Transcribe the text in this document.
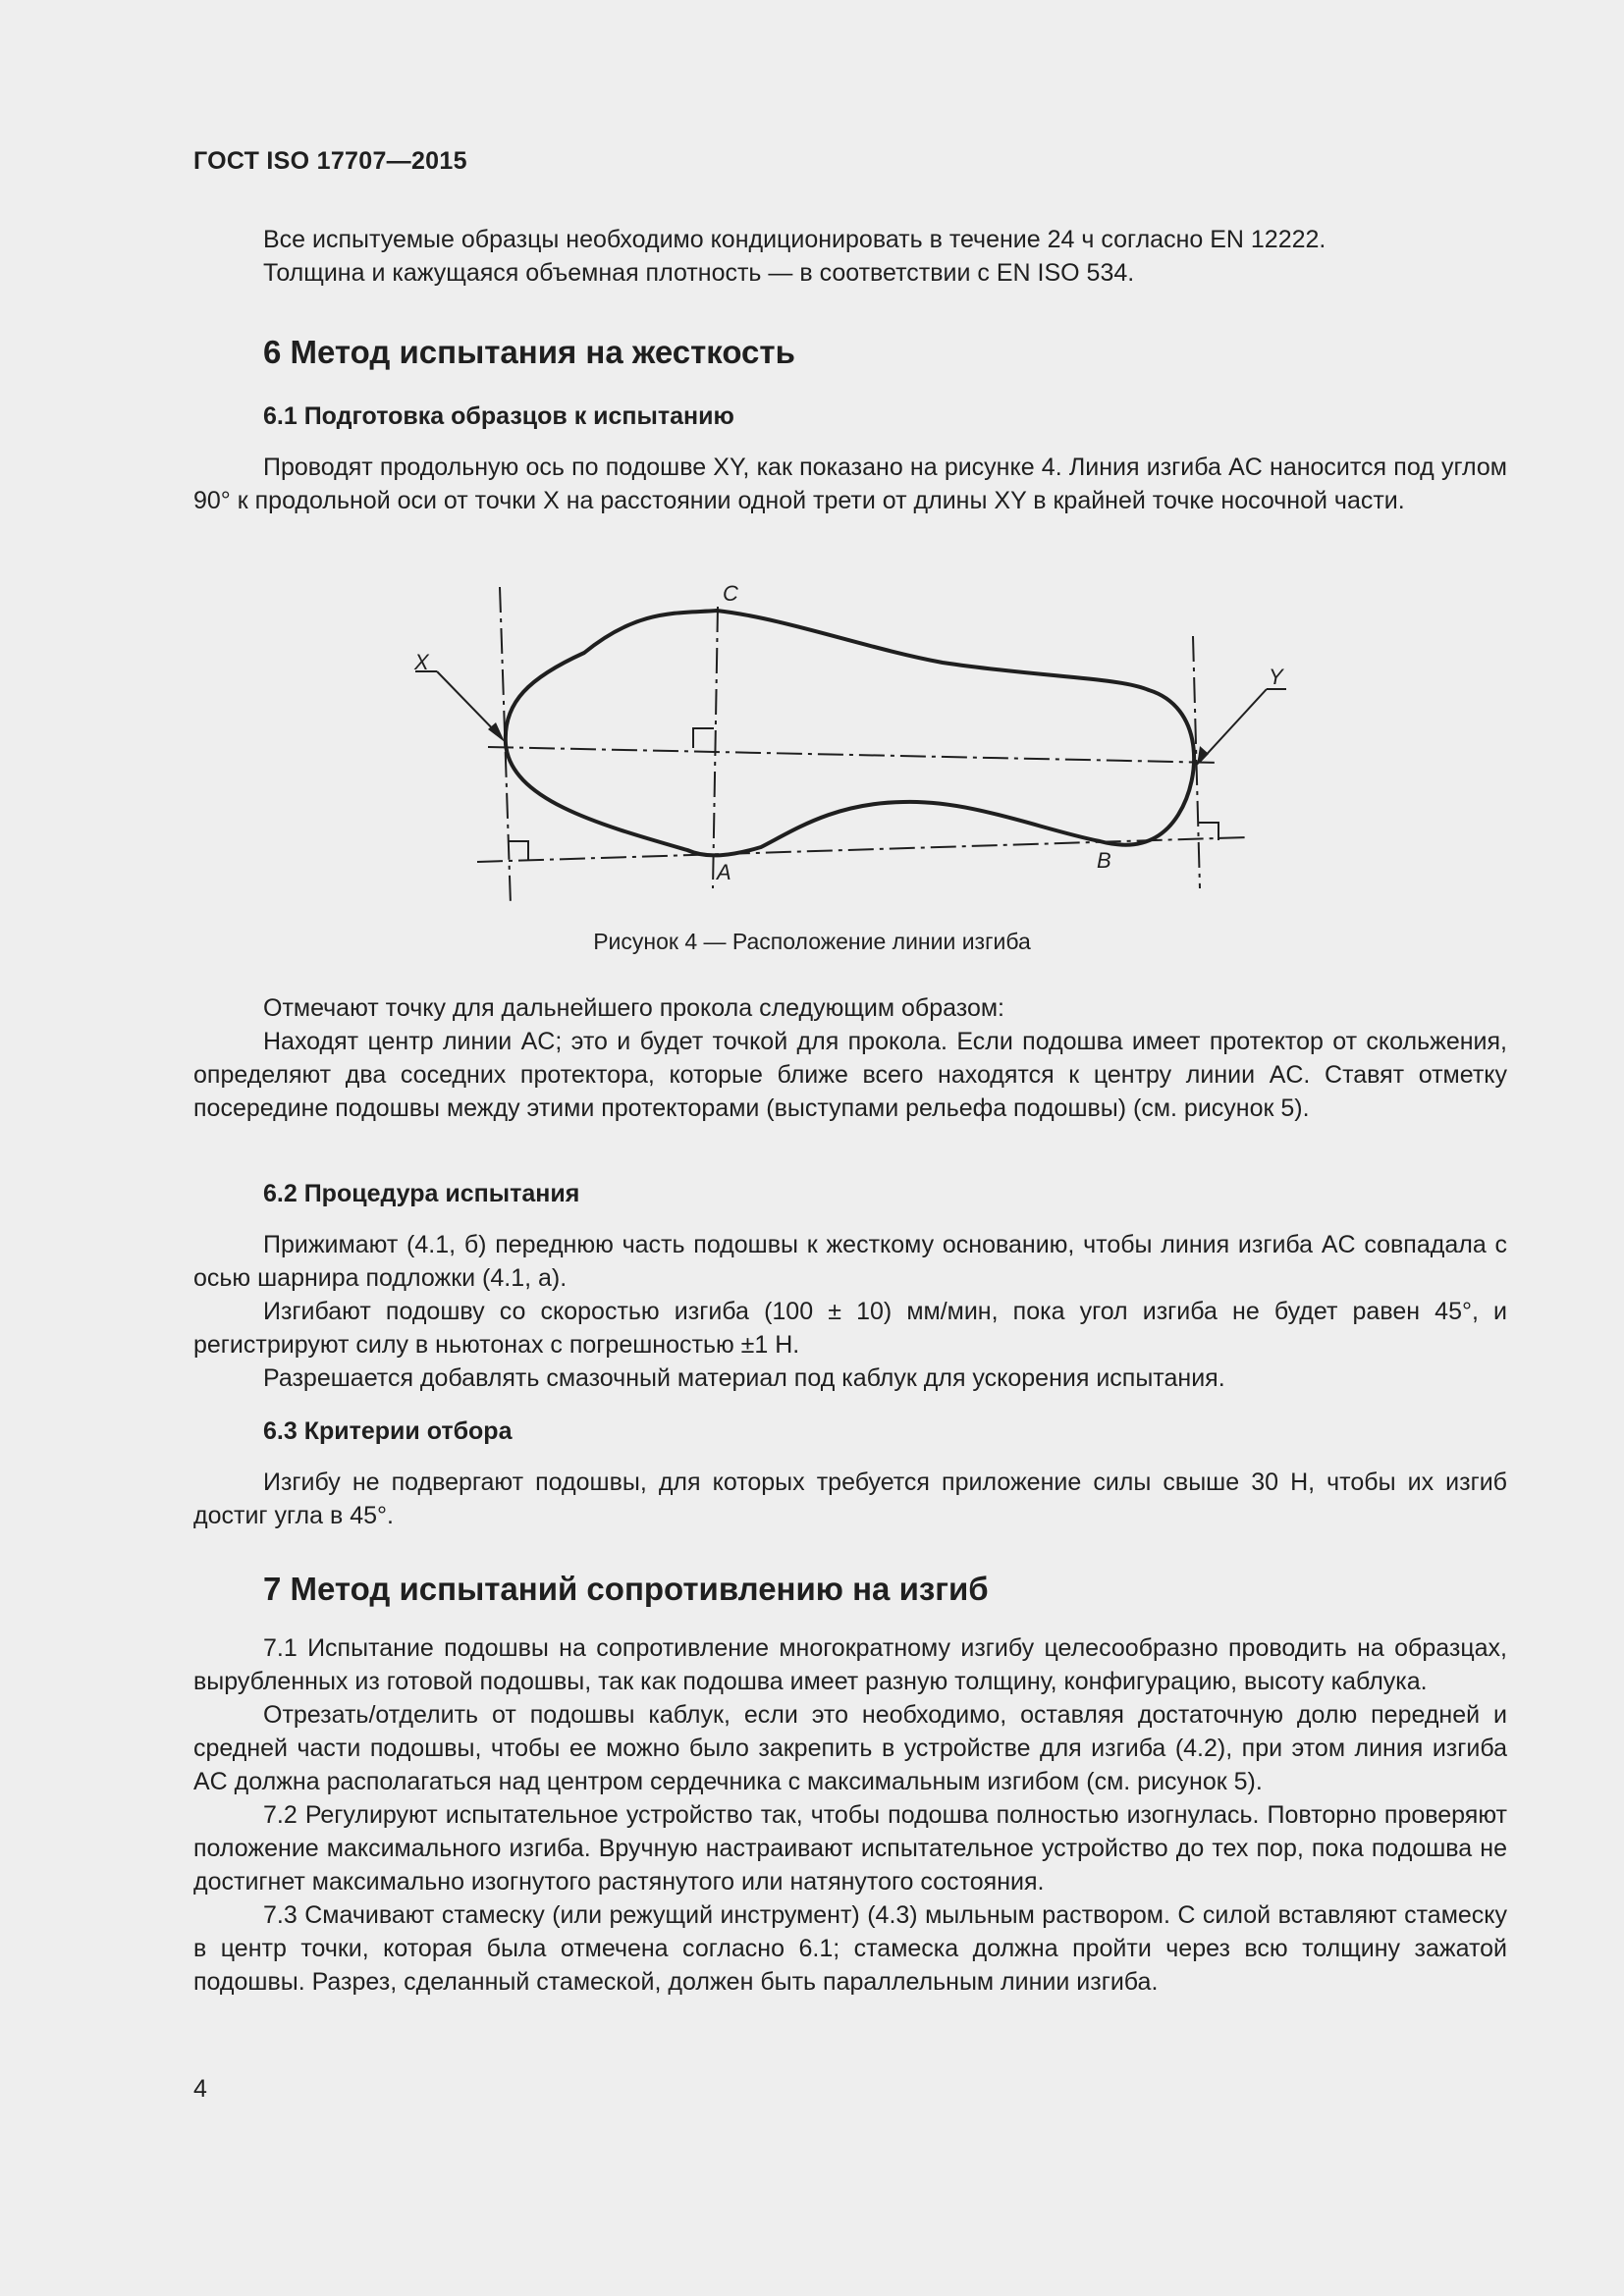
ГОСТ ISO 17707—2015

Все испытуемые образцы необходимо кондиционировать в течение 24 ч согласно EN 12222.

Толщина и кажущаяся объемная плотность — в соответствии с EN ISO 534.

6 Метод испытания на жесткость
6.1 Подготовка образцов к испытанию

Проводят продольную ось по подошве XY, как показано на рисунке 4. Линия изгиба AC наносится под углом 90° к продольной оси от точки X на расстоянии одной трети от длины XY в крайней точке носочной части.

C
X
Y
A	B
Рисунок 4 — Расположение линии изгиба

Отмечают точку для дальнейшего прокола следующим образом:

Находят центр линии AC; это и будет точкой для прокола. Если подошва имеет протектор от скольжения, определяют два соседних протектора, которые ближе всего находятся к центру линии AC. Ставят отметку посередине подошвы между этими протекторами (выступами рельефа подошвы) (см. рисунок 5).

6.2 Процедура испытания

Прижимают (4.1, б) переднюю часть подошвы к жесткому основанию, чтобы линия изгиба AC совпадала с осью шарнира подложки (4.1, а).

Изгибают подошву со скоростью изгиба (100 ± 10) мм/мин, пока угол изгиба не будет равен 45°, и регистрируют силу в ньютонах с погрешностью ±1 Н.

Разрешается добавлять смазочный материал под каблук для ускорения испытания.

6.3 Критерии отбора

Изгибу не подвергают подошвы, для которых требуется приложение силы свыше 30 Н, чтобы их изгиб достиг угла в 45°.

7 Метод испытаний сопротивлению на изгиб

7.1 Испытание подошвы на сопротивление многократному изгибу целесообразно проводить на образцах, вырубленных из готовой подошвы, так как подошва имеет разную толщину, конфигурацию, высоту каблука.

Отрезать/отделить от подошвы каблук, если это необходимо, оставляя достаточную долю передней и средней части подошвы, чтобы ее можно было закрепить в устройстве для изгиба (4.2), при этом линия изгиба AC должна располагаться над центром сердечника с максимальным изгибом (см. рисунок 5).

7.2 Регулируют испытательное устройство так, чтобы подошва полностью изогнулась. Повторно проверяют положение максимального изгиба. Вручную настраивают испытательное устройство до тех пор, пока подошва не достигнет максимально изогнутого растянутого или натянутого состояния.

7.3 Смачивают стамеску (или режущий инструмент) (4.3) мыльным раствором. С силой вставляют стамеску в центр точки, которая была отмечена согласно 6.1; стамеска должна пройти через всю толщину зажатой подошвы. Разрез, сделанный стамеской, должен быть параллельным линии изгиба.

4
